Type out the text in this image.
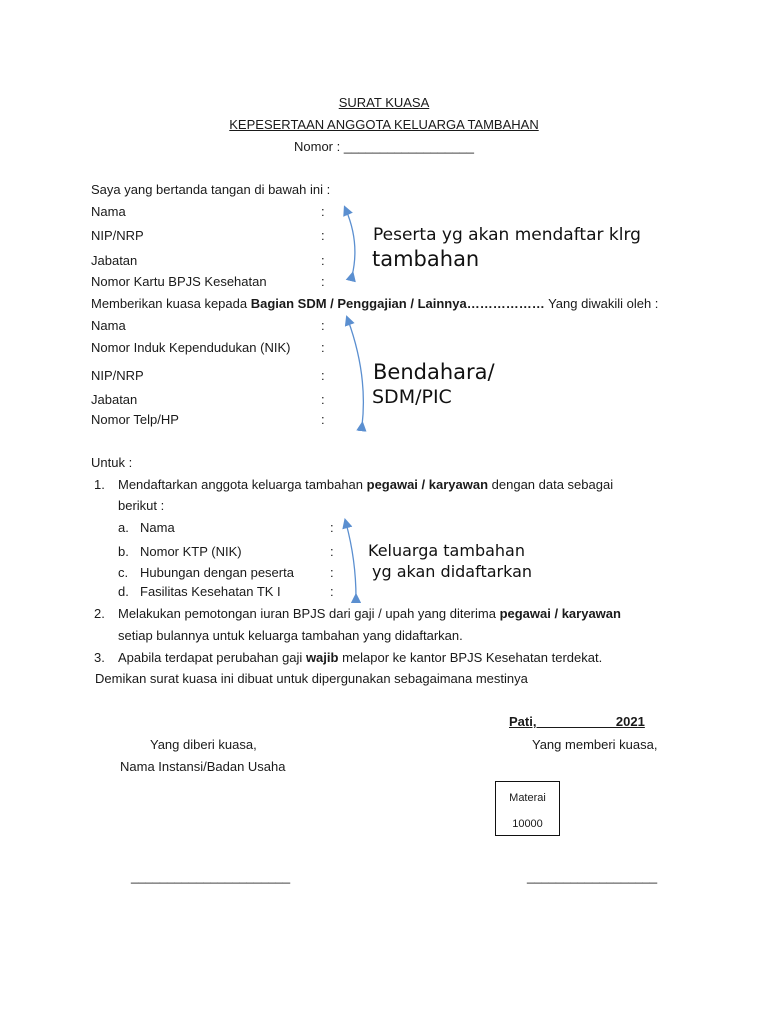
SURAT KUASA
KEPESERTAAN ANGGOTA KELUARGA TAMBAHAN
Nomor : __________________
Saya yang bertanda tangan di bawah ini :
Nama	:
NIP/NRP	:
Jabatan	:
Nomor Kartu BPJS Kesehatan	:
Peserta yg akan mendaftar klrg
tambahan
Memberikan kuasa kepada Bagian SDM / Penggajian / Lainnya……………… Yang diwakili oleh :
Nama	:
Nomor Induk Kependudukan (NIK) :
NIP/NRP	:
Jabatan	:
Nomor Telp/HP	:
Bendahara/
SDM/PIC
Untuk :
1. Mendaftarkan anggota keluarga tambahan pegawai / karyawan dengan data sebagai
berikut :
a. Nama	:
b. Nomor KTP (NIK)	:
c. Hubungan dengan peserta	:
d. Fasilitas Kesehatan TK I	:
Keluarga tambahan
yg akan didaftarkan
2. Melakukan pemotongan iuran BPJS dari gaji / upah yang diterima pegawai / karyawan
setiap bulannya untuk keluarga tambahan yang didaftarkan.
3. Apabila terdapat perubahan gaji wajib melapor ke kantor BPJS Kesehatan terdekat.
Demikan surat kuasa ini dibuat untuk dipergunakan sebagaimana mestinya
Pati,                      2021
Yang diberi kuasa,	Yang memberi kuasa,
Nama Instansi/Badan Usaha
Materai
10000
______________________	__________________
